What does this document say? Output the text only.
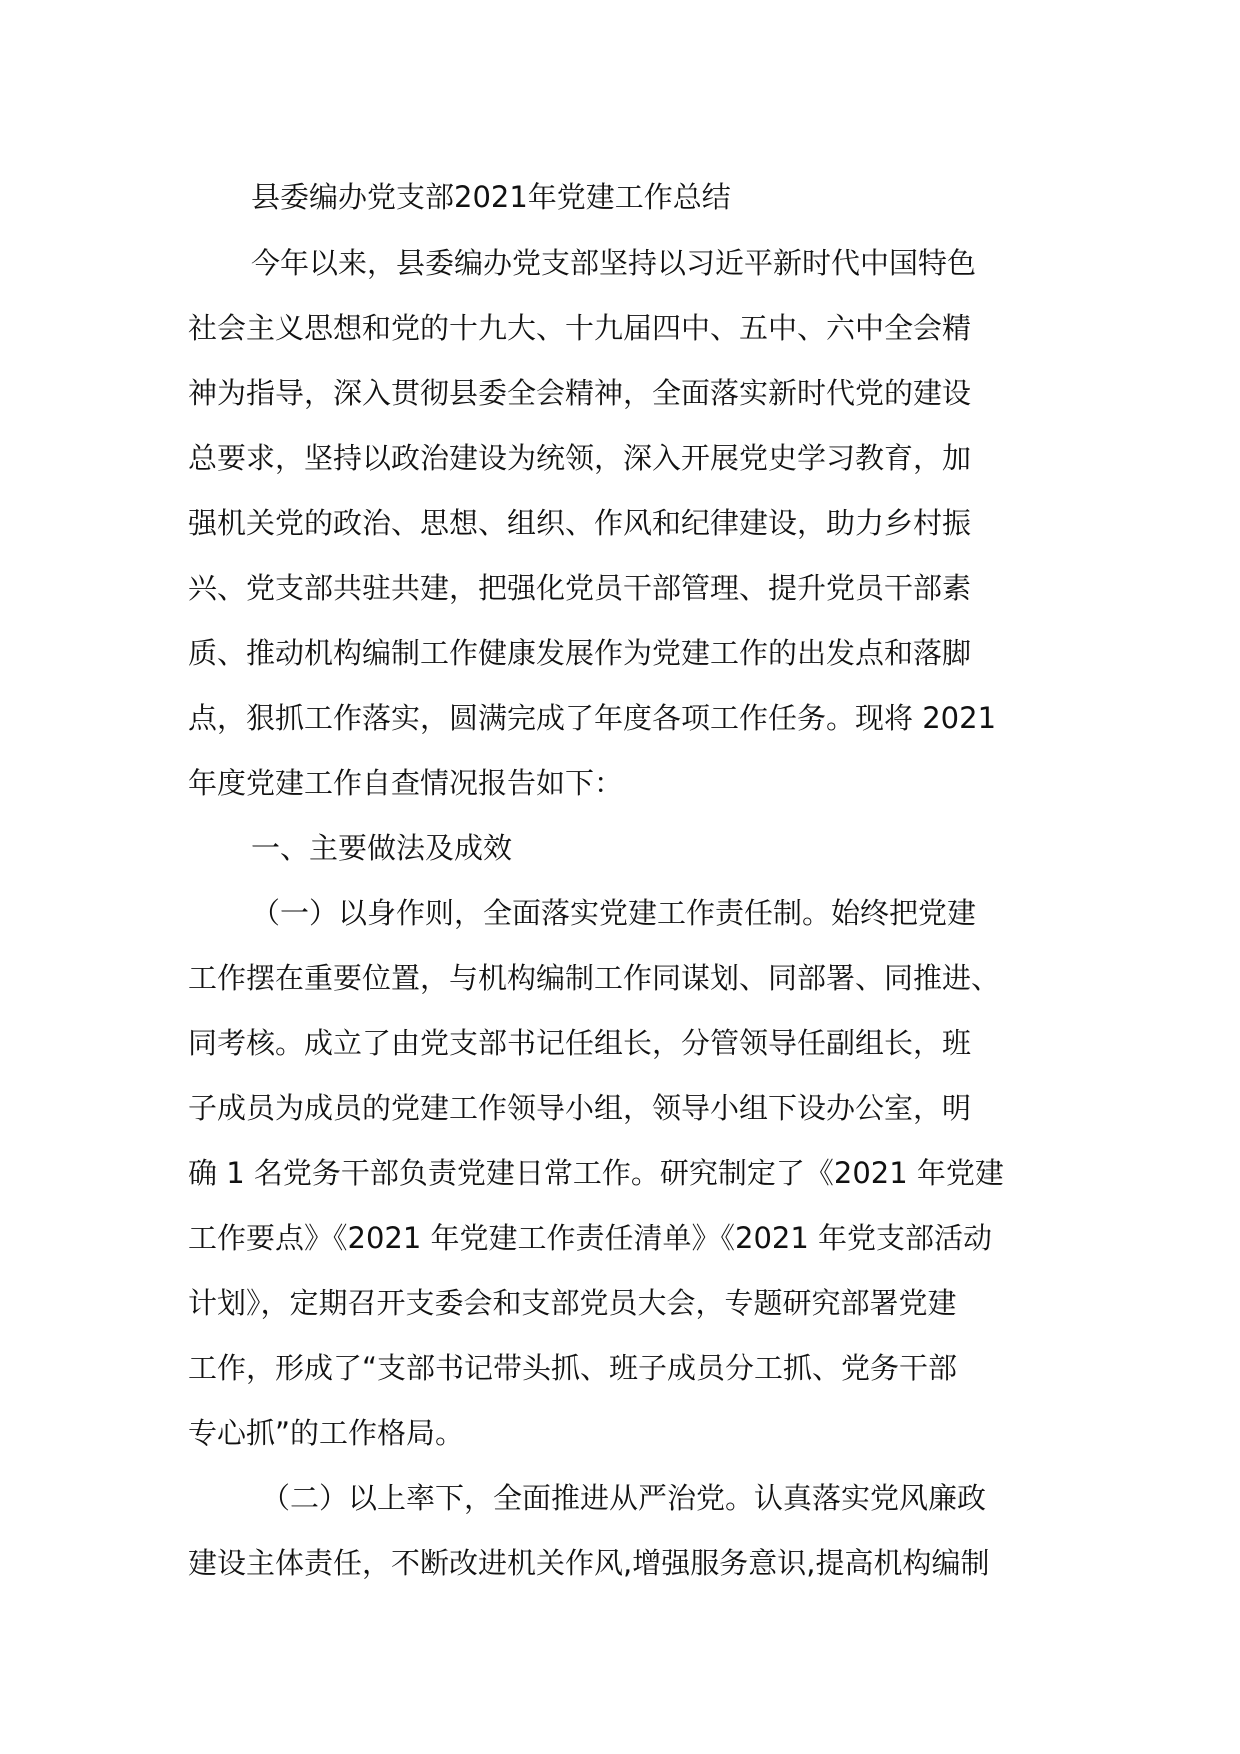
县委编办党支部2021年党建工作总结
今年以来，县委编办党支部坚持以习近平新时代中国特色
社会主义思想和党的十九大、十九届四中、五中、六中全会精
神为指导，深入贯彻县委全会精神，全面落实新时代党的建设
总要求，坚持以政治建设为统领，深入开展党史学习教育，加
强机关党的政治、思想、组织、作风和纪律建设，助力乡村振
兴、党支部共驻共建，把强化党员干部管理、提升党员干部素
质、推动机构编制工作健康发展作为党建工作的出发点和落脚
点，狠抓工作落实，圆满完成了年度各项工作任务。现将 2021
年度党建工作自查情况报告如下：
一、主要做法及成效
（一）以身作则，全面落实党建工作责任制。始终把党建
工作摆在重要位置，与机构编制工作同谋划、同部署、同推进、
同考核。成立了由党支部书记任组长，分管领导任副组长，班
子成员为成员的党建工作领导小组，领导小组下设办公室，明
确 1 名党务干部负责党建日常工作。研究制定了《2021 年党建
工作要点》《2021 年党建工作责任清单》《2021 年党支部活动
计划》，定期召开支委会和支部党员大会，专题研究部署党建
工作，形成了“支部书记带头抓、班子成员分工抓、党务干部
专心抓”的工作格局。
（二）以上率下，全面推进从严治党。认真落实党风廉政
建设主体责任，不断改进机关作风,增强服务意识,提高机构编制
